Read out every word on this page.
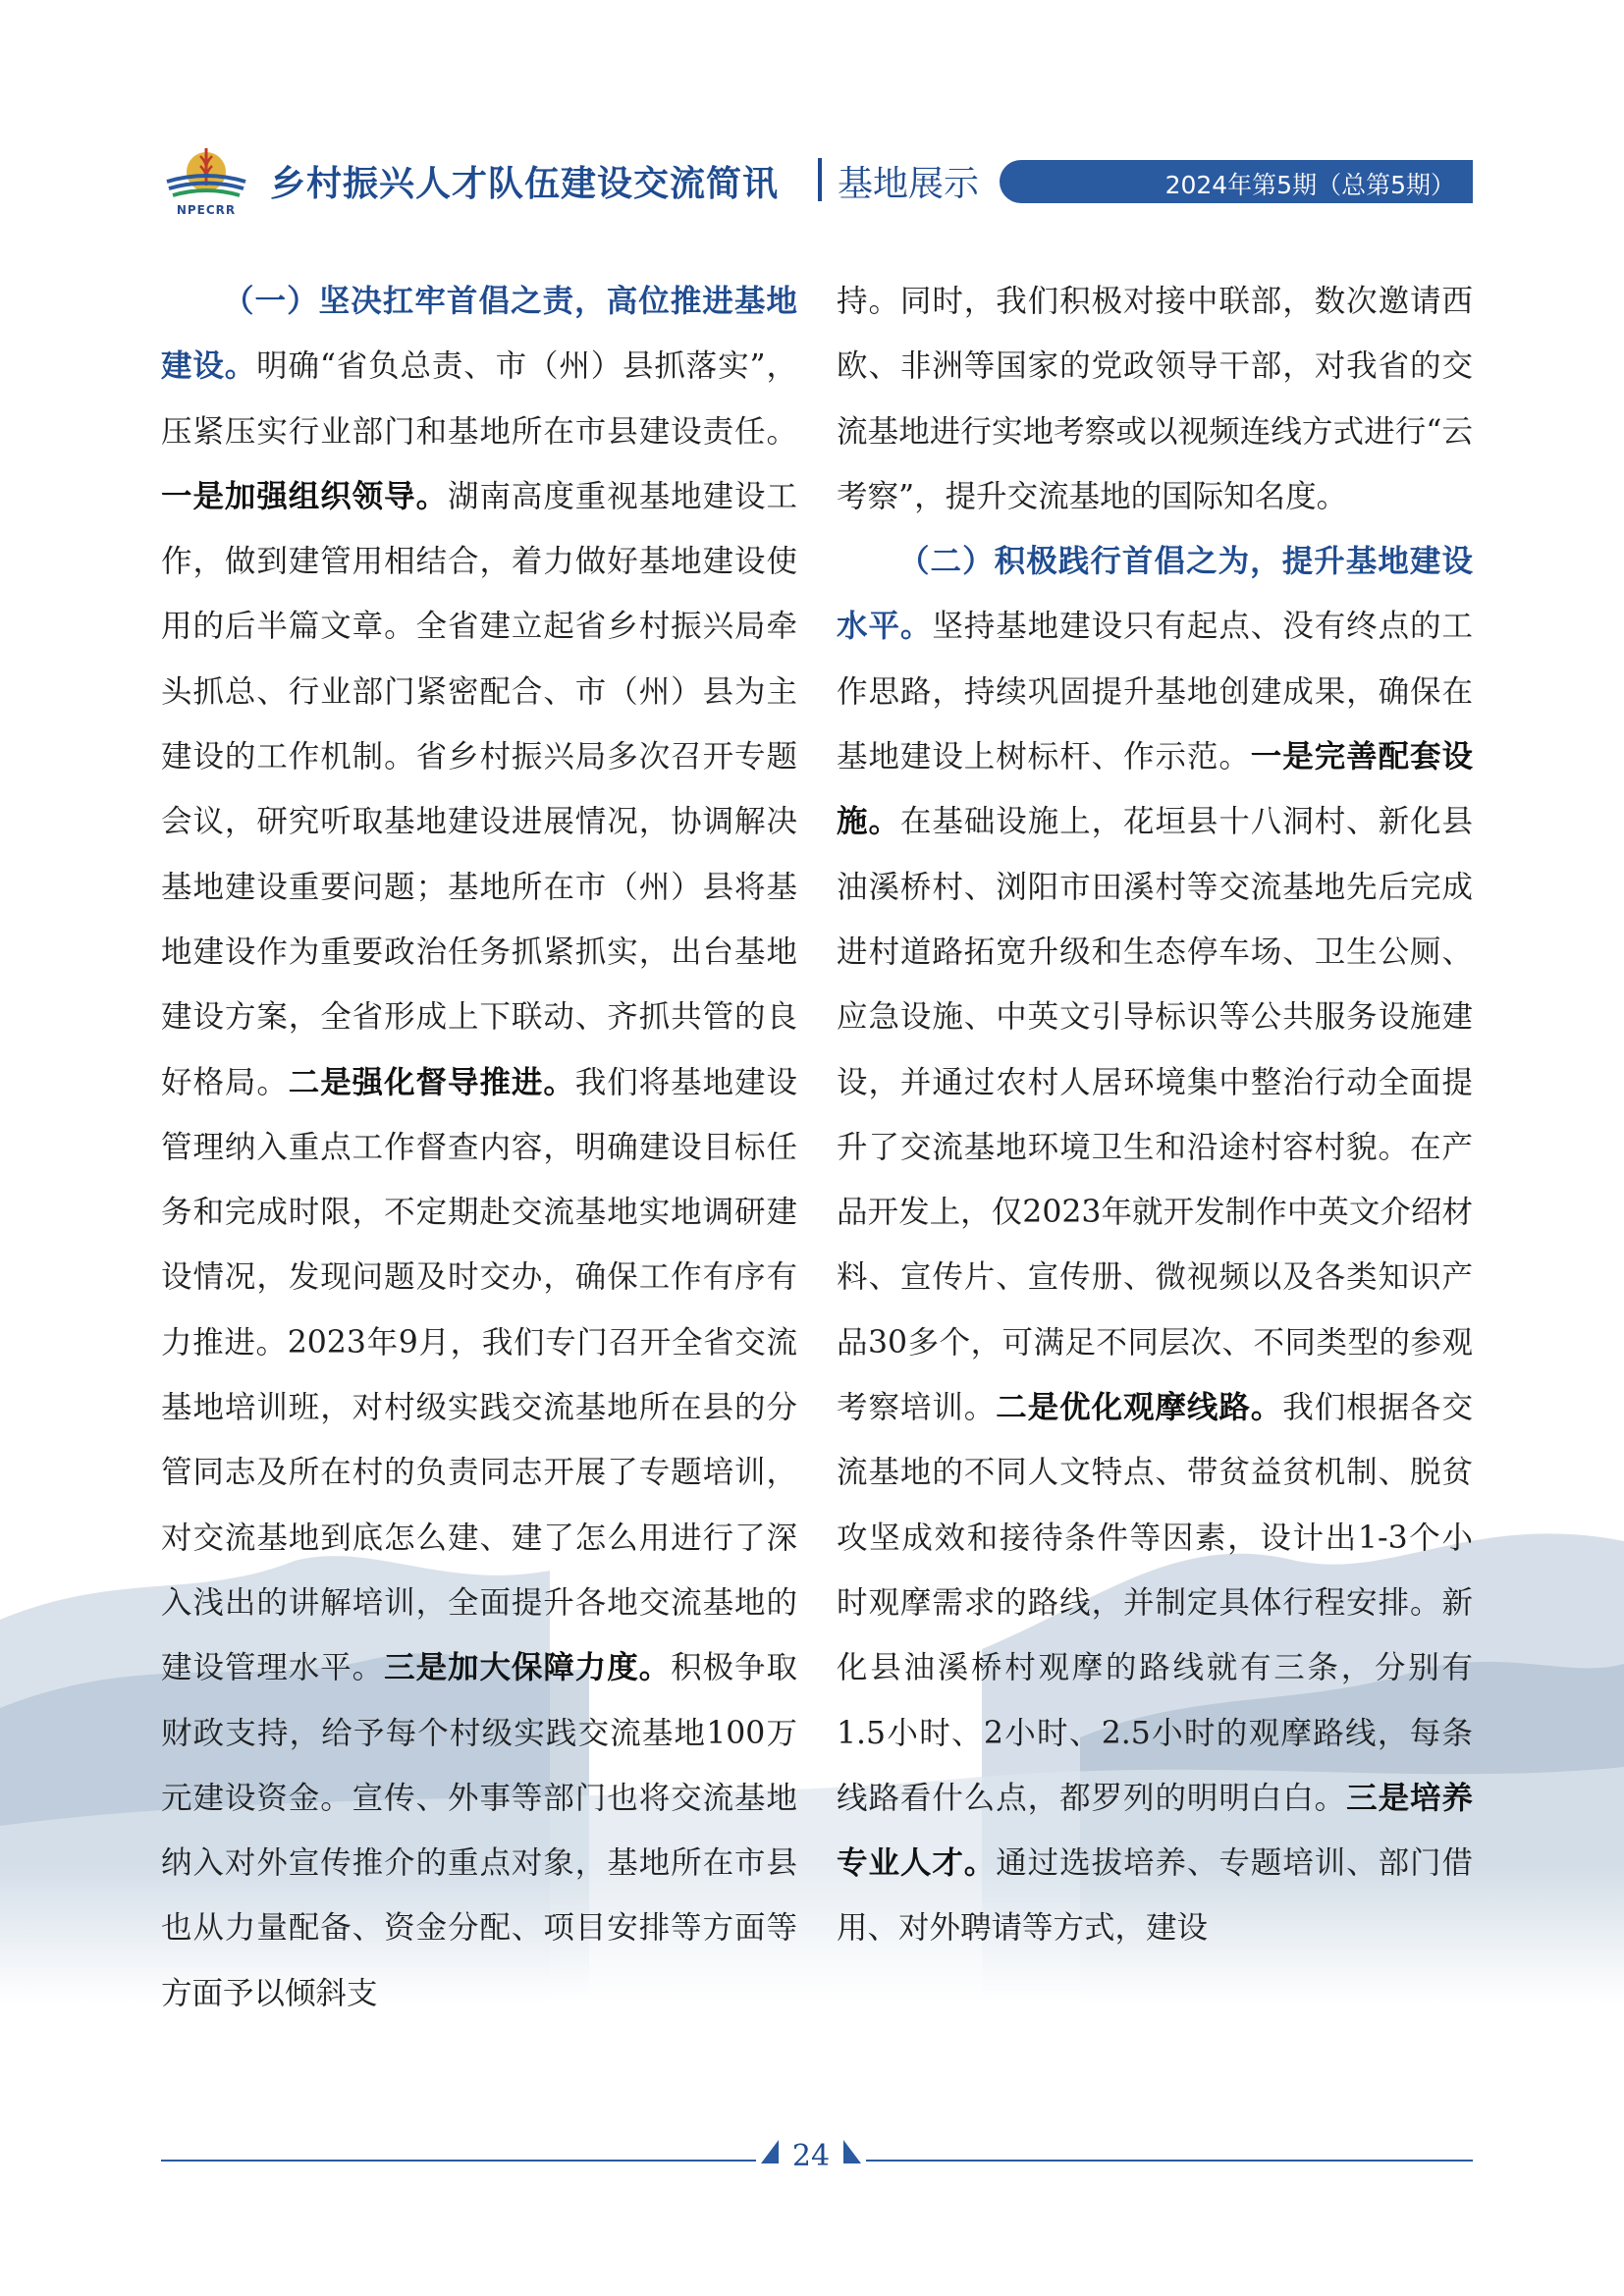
NPECRR
乡村振兴人才队伍建设交流简讯 基地展示	2024年第5期（总第5期）

（一）坚决扛牢首倡之责，高位推进基地建设。明确“省负总责、市（州）县抓落实”，压紧压实行业部门和基地所在市县建设责任。一是加强组织领导。湖南高度重视基地建设工作，做到建管用相结合，着力做好基地建设使用的后半篇文章。全省建立起省乡村振兴局牵头抓总、行业部门紧密配合、市（州）县为主建设的工作机制。省乡村振兴局多次召开专题会议，研究听取基地建设进展情况，协调解决基地建设重要问题；基地所在市（州）县将基地建设作为重要政治任务抓紧抓实，出台基地建设方案，全省形成上下联动、齐抓共管的良好格局。二是强化督导推进。我们将基地建设管理纳入重点工作督查内容，明确建设目标任务和完成时限，不定期赴交流基地实地调研建设情况，发现问题及时交办，确保工作有序有力推进。2023年9月，我们专门召开全省交流基地培训班，对村级实践交流基地所在县的分管同志及所在村的负责同志开展了专题培训，对交流基地到底怎么建、建了怎么用进行了深入浅出的讲解培训，全面提升各地交流基地的建设管理水平。三是加大保障力度。积极争取财政支持，给予每个村级实践交流基地100万元建设资金。宣传、外事等部门也将交流基地纳入对外宣传推介的重点对象，基地所在市县也从力量配备、资金分配、项目安排等方面等方面予以倾斜支

持。同时，我们积极对接中联部，数次邀请西欧、非洲等国家的党政领导干部，对我省的交流基地进行实地考察或以视频连线方式进行“云考察”，提升交流基地的国际知名度。

（二）积极践行首倡之为，提升基地建设水平。坚持基地建设只有起点、没有终点的工作思路，持续巩固提升基地创建成果，确保在基地建设上树标杆、作示范。一是完善配套设施。在基础设施上，花垣县十八洞村、新化县油溪桥村、浏阳市田溪村等交流基地先后完成进村道路拓宽升级和生态停车场、卫生公厕、应急设施、中英文引导标识等公共服务设施建设，并通过农村人居环境集中整治行动全面提升了交流基地环境卫生和沿途村容村貌。在产品开发上，仅2023年就开发制作中英文介绍材料、宣传片、宣传册、微视频以及各类知识产品30多个，可满足不同层次、不同类型的参观考察培训。二是优化观摩线路。我们根据各交流基地的不同人文特点、带贫益贫机制、脱贫攻坚成效和接待条件等因素，设计出1-3个小时观摩需求的路线，并制定具体行程安排。新化县油溪桥村观摩的路线就有三条，分别有1.5小时、2小时、2.5小时的观摩路线，每条线路看什么点，都罗列的明明白白。三是培养专业人才。通过选拔培养、专题培训、部门借用、对外聘请等方式，建设

24
